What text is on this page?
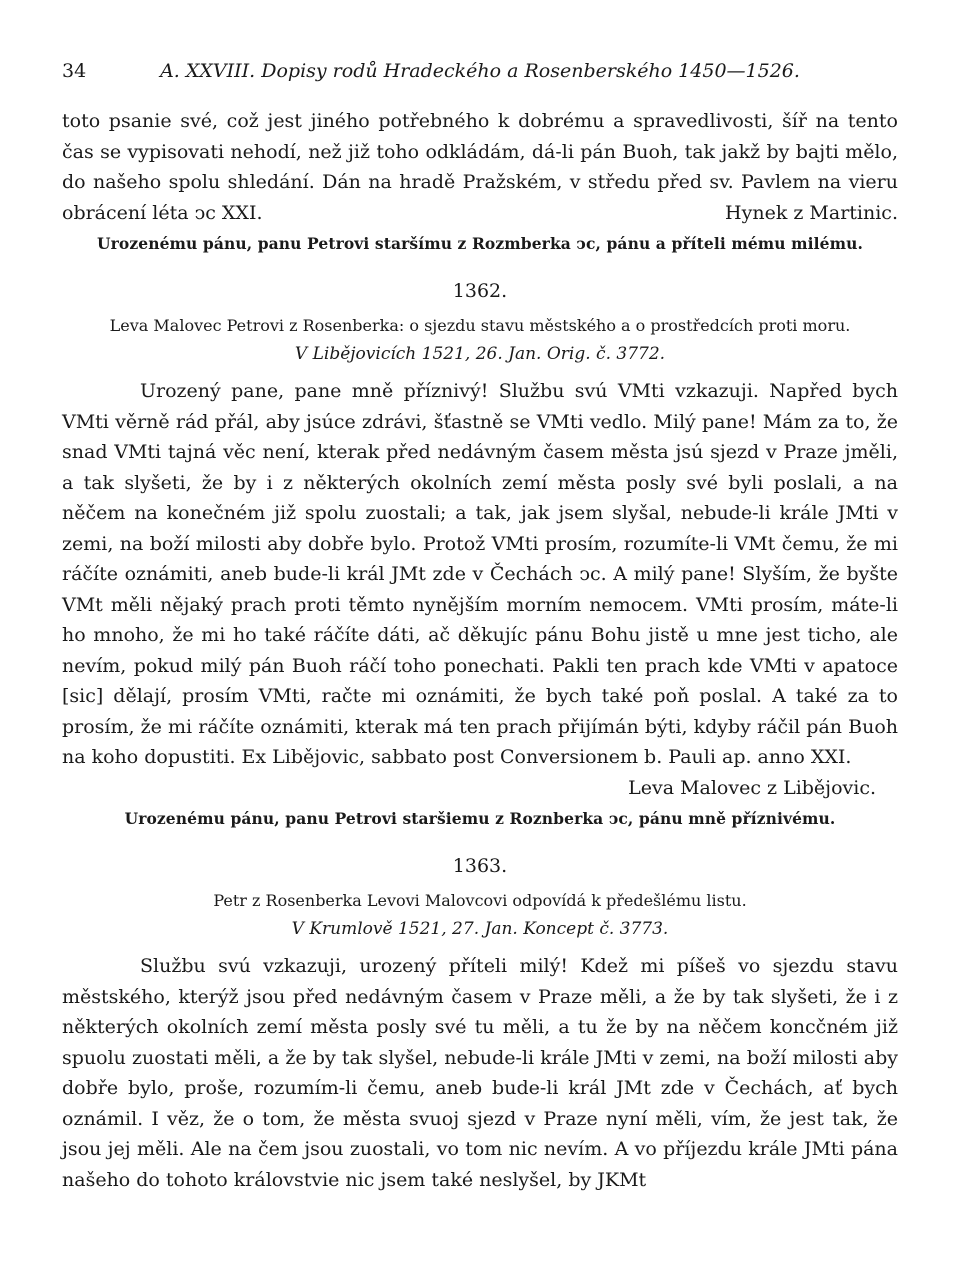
34	A. XXVIII. Dopisy rodů Hradeckého a Rosenberského 1450—1526.

toto psanie své, což jest jiného potřebného k dobrému a spravedlivosti, šíř na tento čas se vypisovati nehodí, než již toho odkládám, dá-li pán Buoh, tak jakž by bajti mělo, do našeho spolu shledání. Dán na hradě Pražském, v středu před sv. Pavlem na vieru obrácení léta ↄc XXI.	Hynek z Martinic.

Urozenému pánu, panu Petrovi staršímu z Rozmberka ↄc, pánu a příteli mému milému.

1362.

Leva Malovec Petrovi z Rosenberka: o sjezdu stavu městského a o prostředcích proti moru.

V Libějovicích 1521, 26. Jan. Orig. č. 3772.

Urozený pane, pane mně příznivý! Službu svú VMti vzkazuji. Napřed bych VMti věrně rád přál, aby jsúce zdrávi, šťastně se VMti vedlo. Milý pane! Mám za to, že snad VMti tajná věc není, kterak před nedávným časem města jsú sjezd v Praze jměli, a tak slyšeti, že by i z některých okolních zemí města posly své byli poslali, a na něčem na konečném již spolu zuostali; a tak, jak jsem slyšal, nebude-li krále JMti v zemi, na boží milosti aby dobře bylo. Protož VMti prosím, rozumíte-li VMt čemu, že mi ráčíte oznámiti, aneb bude-li král JMt zde v Čechách ↄc. A milý pane! Slyším, že byšte VMt měli nějaký prach proti těmto nynějším morním nemocem. VMti prosím, máte-li ho mnoho, že mi ho také ráčíte dáti, ač děkujíc pánu Bohu jistě u mne jest ticho, ale nevím, pokud milý pán Buoh ráčí toho ponechati. Pakli ten prach kde VMti v apatoce [sic] dělají, prosím VMti, račte mi oznámiti, že bych také poň poslal. A také za to prosím, že mi ráčíte oznámiti, kterak má ten prach přijímán býti, kdyby ráčil pán Buoh na koho dopustiti. Ex Libějovic, sabbato post Conversionem b. Pauli ap. anno XXI.

Leva Malovec z Libějovic.

Urozenému pánu, panu Petrovi staršiemu z Roznberka ↄc, pánu mně příznivému.

1363.

Petr z Rosenberka Levovi Malovcovi odpovídá k předešlému listu.

V Krumlově 1521, 27. Jan. Koncept č. 3773.

Službu svú vzkazuji, urozený příteli milý! Kdež mi píšeš vo sjezdu stavu městského, kterýž jsou před nedávným časem v Praze měli, a že by tak slyšeti, že i z některých okolních zemí města posly své tu měli, a tu že by na něčem koncčném již spuolu zuostati měli, a že by tak slyšel, nebude-li krále JMti v zemi, na boží milosti aby dobře bylo, proše, rozumím-li čemu, aneb bude-li král JMt zde v Čechách, ať bych oznámil. I věz, že o tom, že města svuoj sjezd v Praze nyní měli, vím, že jest tak, že jsou jej měli. Ale na čem jsou zuostali, vo tom nic nevím. A vo příjezdu krále JMti pána našeho do tohoto královstvie nic jsem také neslyšel, by JKMt
